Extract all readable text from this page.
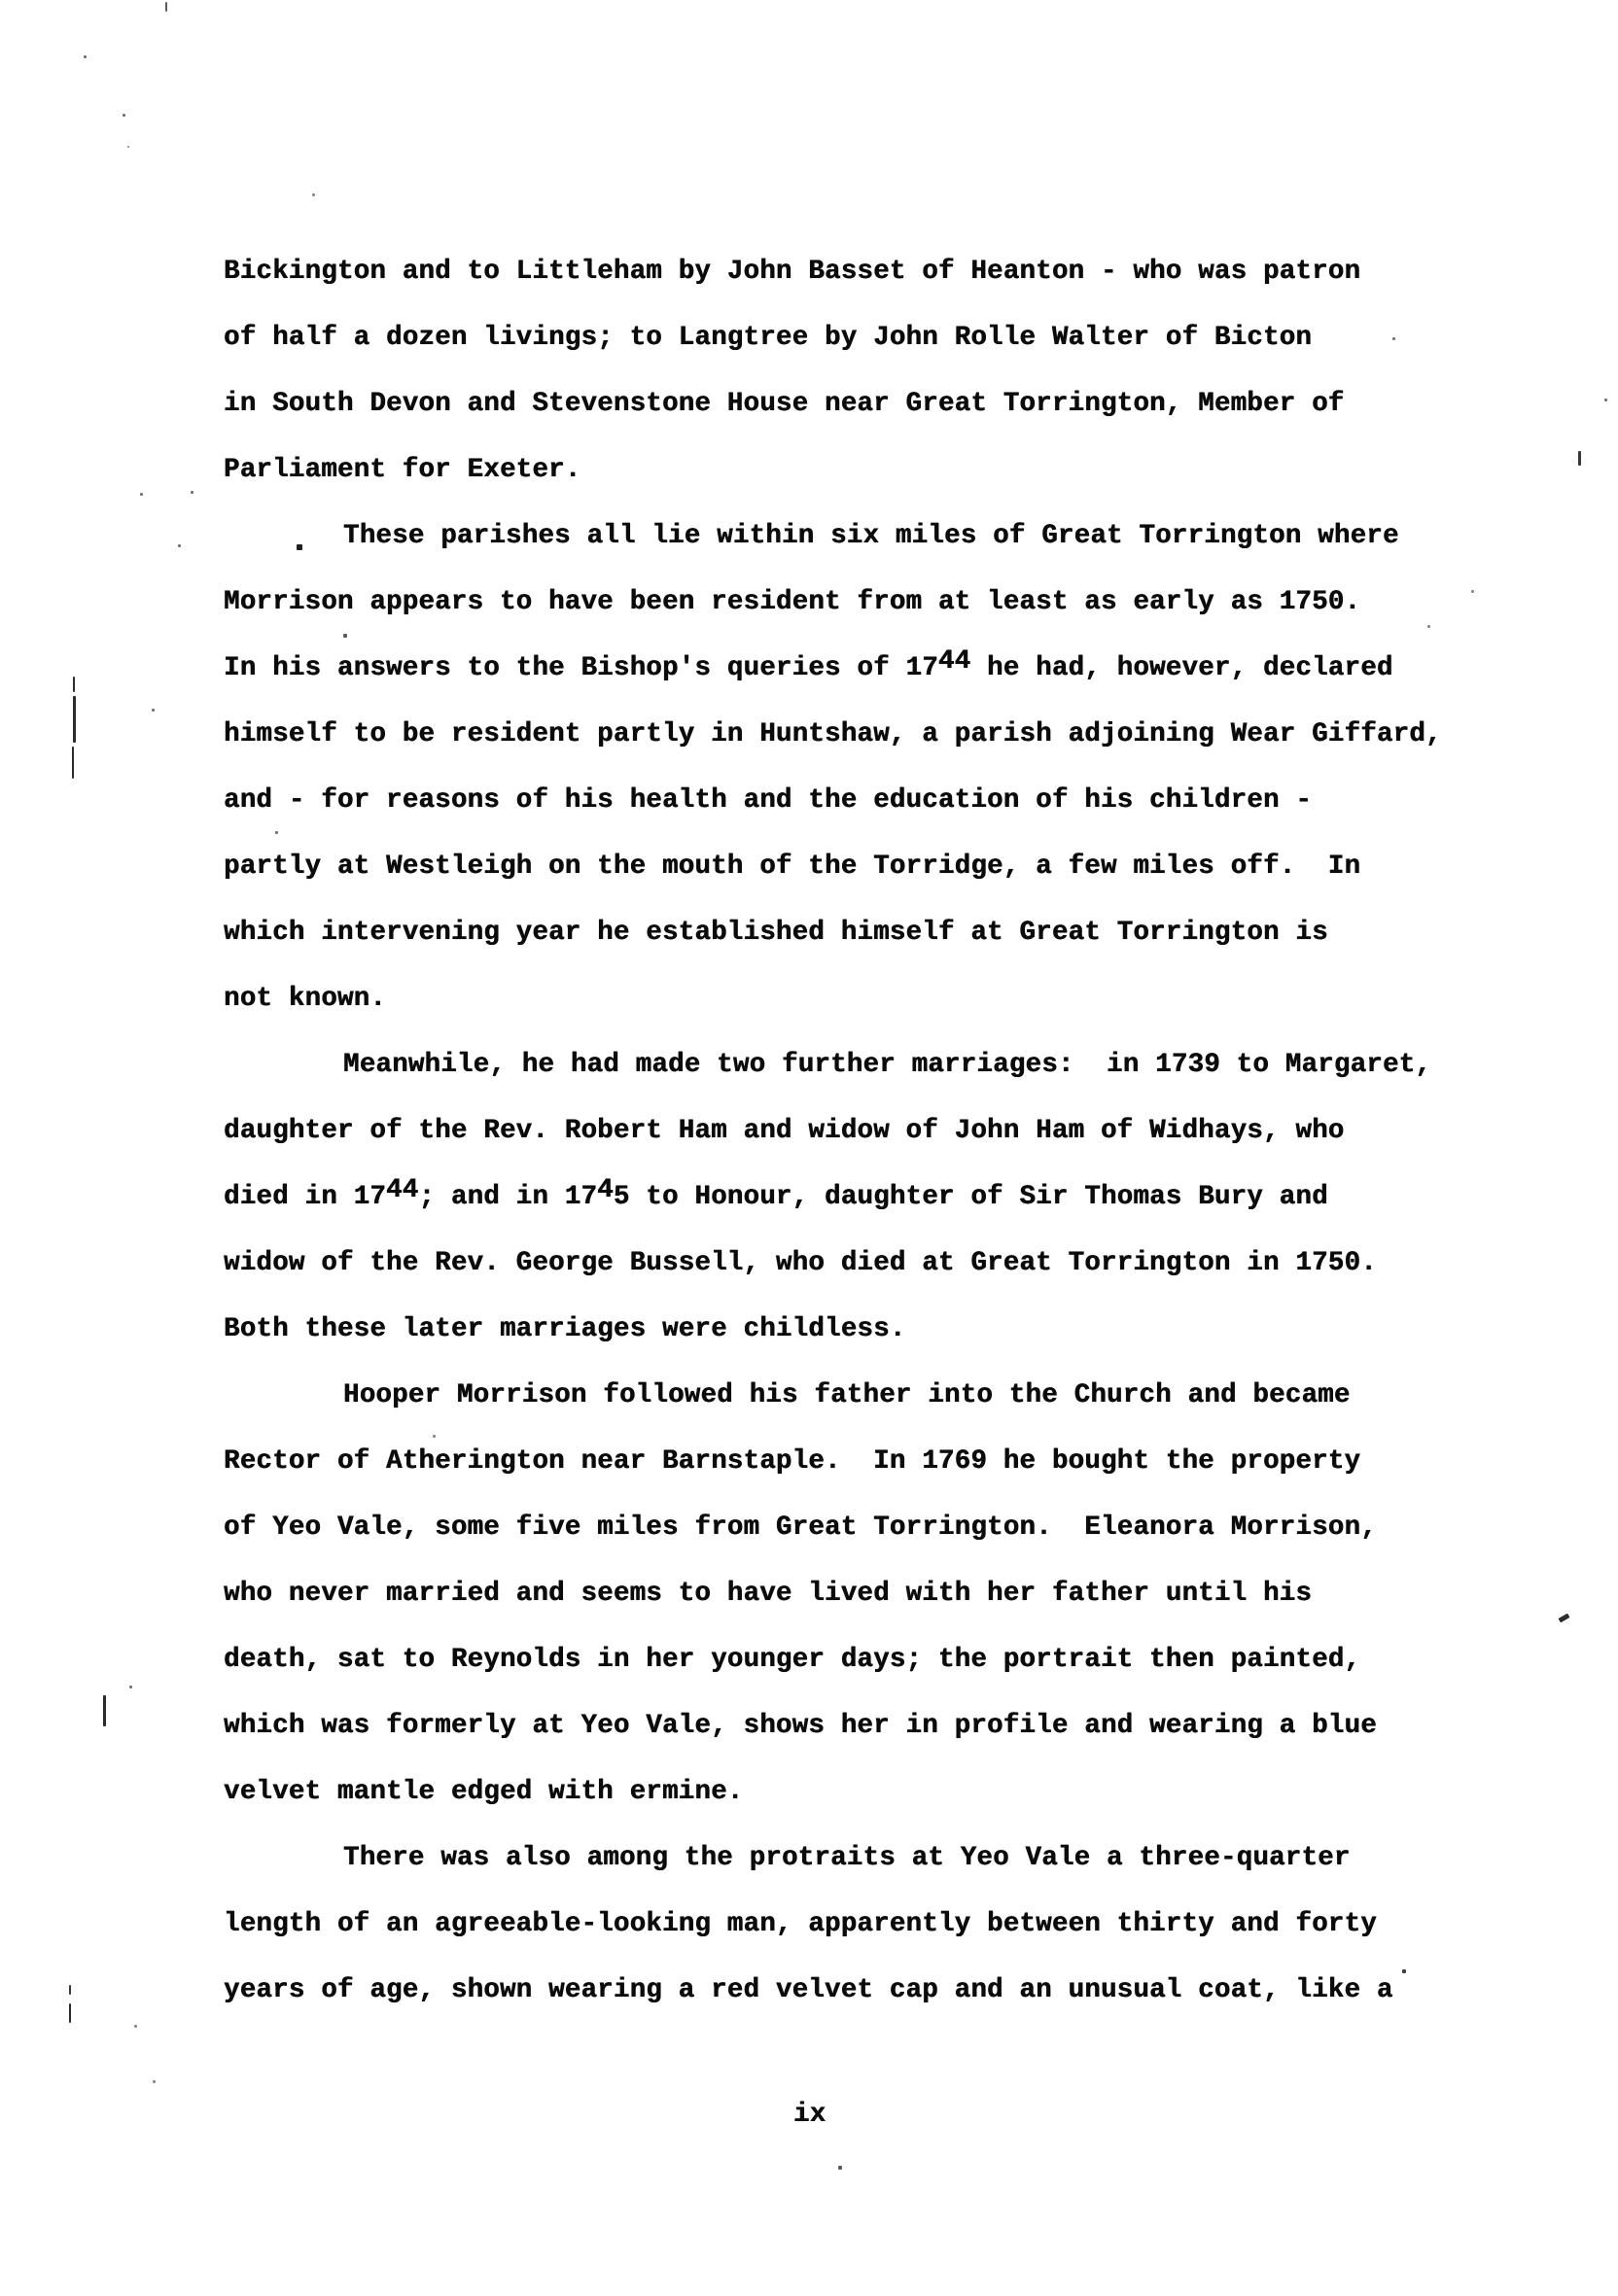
Bickington and to Littleham by John Basset of Heanton - who was patron
of half a dozen livings; to Langtree by John Rolle Walter of Bicton
in South Devon and Stevenstone House near Great Torrington, Member of
Parliament for Exeter.
These parishes all lie within six miles of Great Torrington where
Morrison appears to have been resident from at least as early as 1750.
In his answers to the Bishop's queries of 1744 he had, however, declared
himself to be resident partly in Huntshaw, a parish adjoining Wear Giffard,
and - for reasons of his health and the education of his children -
partly at Westleigh on the mouth of the Torridge, a few miles off.  In
which intervening year he established himself at Great Torrington is
not known.
Meanwhile, he had made two further marriages:  in 1739 to Margaret,
daughter of the Rev. Robert Ham and widow of John Ham of Widhays, who
died in 1744; and in 1745 to Honour, daughter of Sir Thomas Bury and
widow of the Rev. George Bussell, who died at Great Torrington in 1750.
Both these later marriages were childless.
Hooper Morrison followed his father into the Church and became
Rector of Atherington near Barnstaple.  In 1769 he bought the property
of Yeo Vale, some five miles from Great Torrington.  Eleanora Morrison,
who never married and seems to have lived with her father until his
death, sat to Reynolds in her younger days; the portrait then painted,
which was formerly at Yeo Vale, shows her in profile and wearing a blue
velvet mantle edged with ermine.
There was also among the protraits at Yeo Vale a three-quarter
length of an agreeable-looking man, apparently between thirty and forty
years of age, shown wearing a red velvet cap and an unusual coat, like a
ix
